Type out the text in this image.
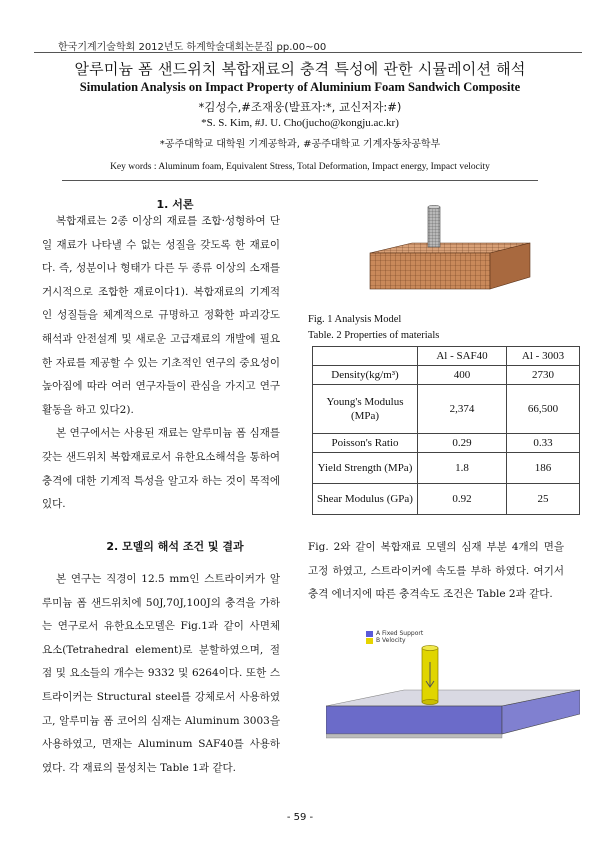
한국기계기술학회 2012년도 하계학술대회논문집 pp.00~00
알루미늄 폼 샌드위치 복합재료의 충격 특성에 관한 시뮬레이션 해석
Simulation Analysis on Impact Property of Aluminium Foam Sandwich Composite
*김성수,#조재웅(발표자:*, 교신저자:#)
*S. S. Kim, #J. U. Cho(jucho@kongju.ac.kr)
*공주대학교 대학원 기계공학과, #공주대학교 기계자동차공학부
Key words : Aluminum foam, Equivalent Stress, Total Deformation, Impact energy, Impact velocity
1. 서론

복합재료는 2종 이상의 재료를 조합·성형하여 단일 재료가 나타낼 수 없는 성질을 갖도록 한 재료이다. 즉, 성분이나 형태가 다른 두 종류 이상의 소재를 거시적으로 조합한 재료이다1). 복합재료의 기계적인 성질들을 체계적으로 규명하고 정확한 파괴강도 해석과 안전설계 및 새로운 고급재료의 개발에 필요한 자료를 제공할 수 있는 기초적인 연구의 중요성이 높아짐에 따라 여러 연구자들이 관심을 가지고 연구 활동을 하고 있다2).

본 연구에서는 사용된 재료는 알루미늄 폼 심재를 갖는 샌드위치 복합재료로서 유한요소해석을 통하여 충격에 대한 기계적 특성을 알고자 하는 것이 목적에 있다.

2. 모델의 해석 조건 및 결과

본 연구는 직경이 12.5 mm인 스트라이커가 알루미늄 폼 샌드위치에 50J,70J,100J의 충격을 가하는 연구로서 유한요소모델은 Fig.1과 같이 사면체 요소(Tetrahedral element)로 분할하였으며, 절점 및 요소들의 개수는 9332 및 6264이다. 또한 스트라이커는 Structural steel를 강체로서 사용하였고, 알루미늄 폼 코어의 심재는 Aluminum 3003을 사용하였고, 면재는 Aluminum SAF40를 사용하였다. 각 재료의 물성치는 Table 1과 같다.

Fig. 1 Analysis Model
Table. 2 Properties of materials
	Al - SAF40	Al - 3003
Density(kg/m³)	400	2730
Young's Modulus (MPa)	2,374	66,500
Poisson's Ratio	0.29	0.33
Yield Strength (MPa)	1.8	186
Shear Modulus (GPa)	0.92	25

Fig. 2와 같이 복합재료 모델의 심재 부분 4개의 면을 고정 하였고, 스트라이커에 속도를 부하 하였다. 여기서 충격 에너지에 따른 충격속도 조건은 Table 2과 같다.

A Fixed Support
B Velocity
- 59 -
